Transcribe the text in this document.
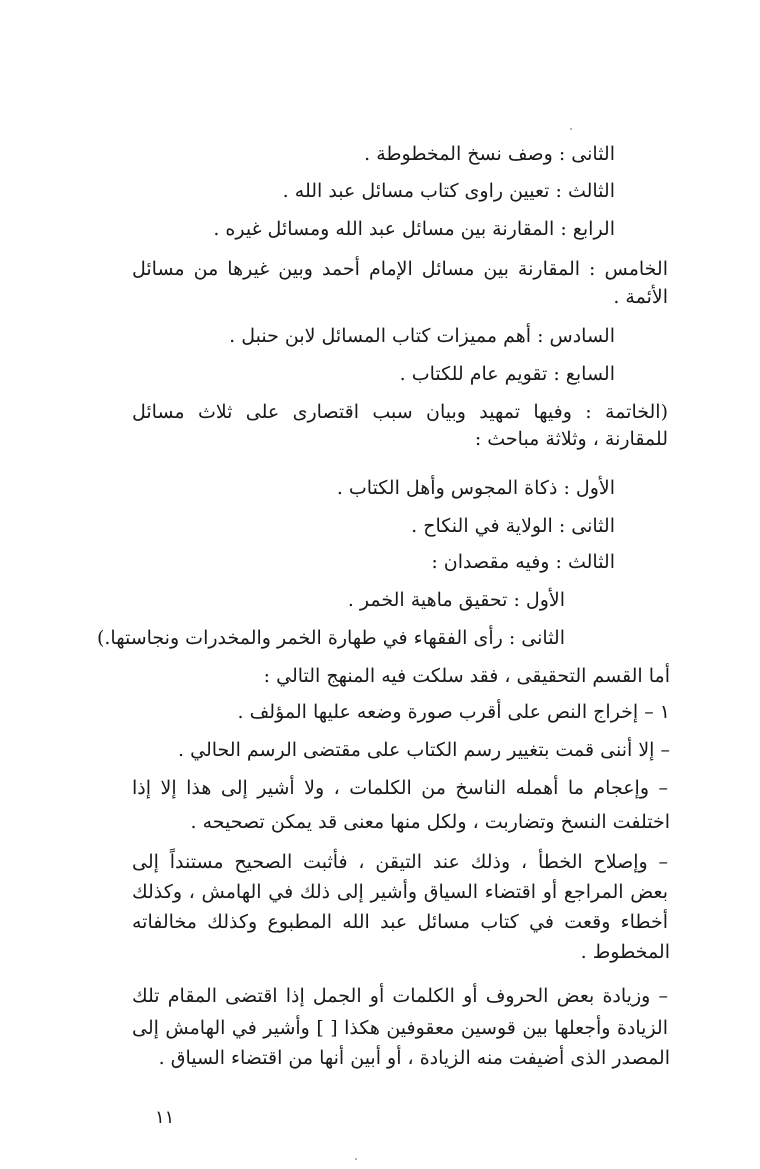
الثانى : وصف نسخ المخطوطة .
الثالث : تعيين راوى كتاب مسائل عبد الله .
الرابع : المقارنة بين مسائل عبد الله ومسائل غيره .
الخامس : المقارنة بين مسائل الإمام أحمد وبين غيرها من مسائل
الأئمة .
السادس : أهم مميزات كتاب المسائل لابن حنبل .
السابع : تقويم عام للكتاب .
(الخاتمة : وفيها تمهيد وبيان سبب اقتصارى على ثلاث مسائل
للمقارنة ، وثلاثة مباحث :
الأول : ذكاة المجوس وأهل الكتاب .
الثانى : الولاية في النكاح .
الثالث : وفيه مقصدان :
الأول : تحقيق ماهية الخمر .
الثانى : رأى الفقهاء في طهارة الخمر والمخدرات ونجاستها.)
أما القسم التحقيقى ، فقد سلكت فيه المنهج التالي :
١ – إخراج النص على أقرب صورة وضعه عليها المؤلف .
– إلا أننى قمت بتغيير رسم الكتاب على مقتضى الرسم الحالي .
– وإعجام ما أهمله الناسخ من الكلمات ، ولا أشير إلى هذا إلا إذا
اختلفت النسخ وتضاربت ، ولكل منها معنى قد يمكن تصحيحه .
– وإصلاح الخطأ ، وذلك عند التيقن ، فأثبت الصحيح مستنداً إلى
بعض المراجع أو اقتضاء السياق وأشير إلى ذلك في الهامش ، وكذلك
أخطاء وقعت في كتاب مسائل عبد الله المطبوع وكذلك مخالفاته
المخطوط .
– وزيادة بعض الحروف أو الكلمات أو الجمل إذا اقتضى المقام تلك
الزيادة وأجعلها بين قوسين معقوفين هكذا [ ] وأشير في الهامش إلى
المصدر الذى أضيفت منه الزيادة ، أو أبين أنها من اقتضاء السياق .
١١
